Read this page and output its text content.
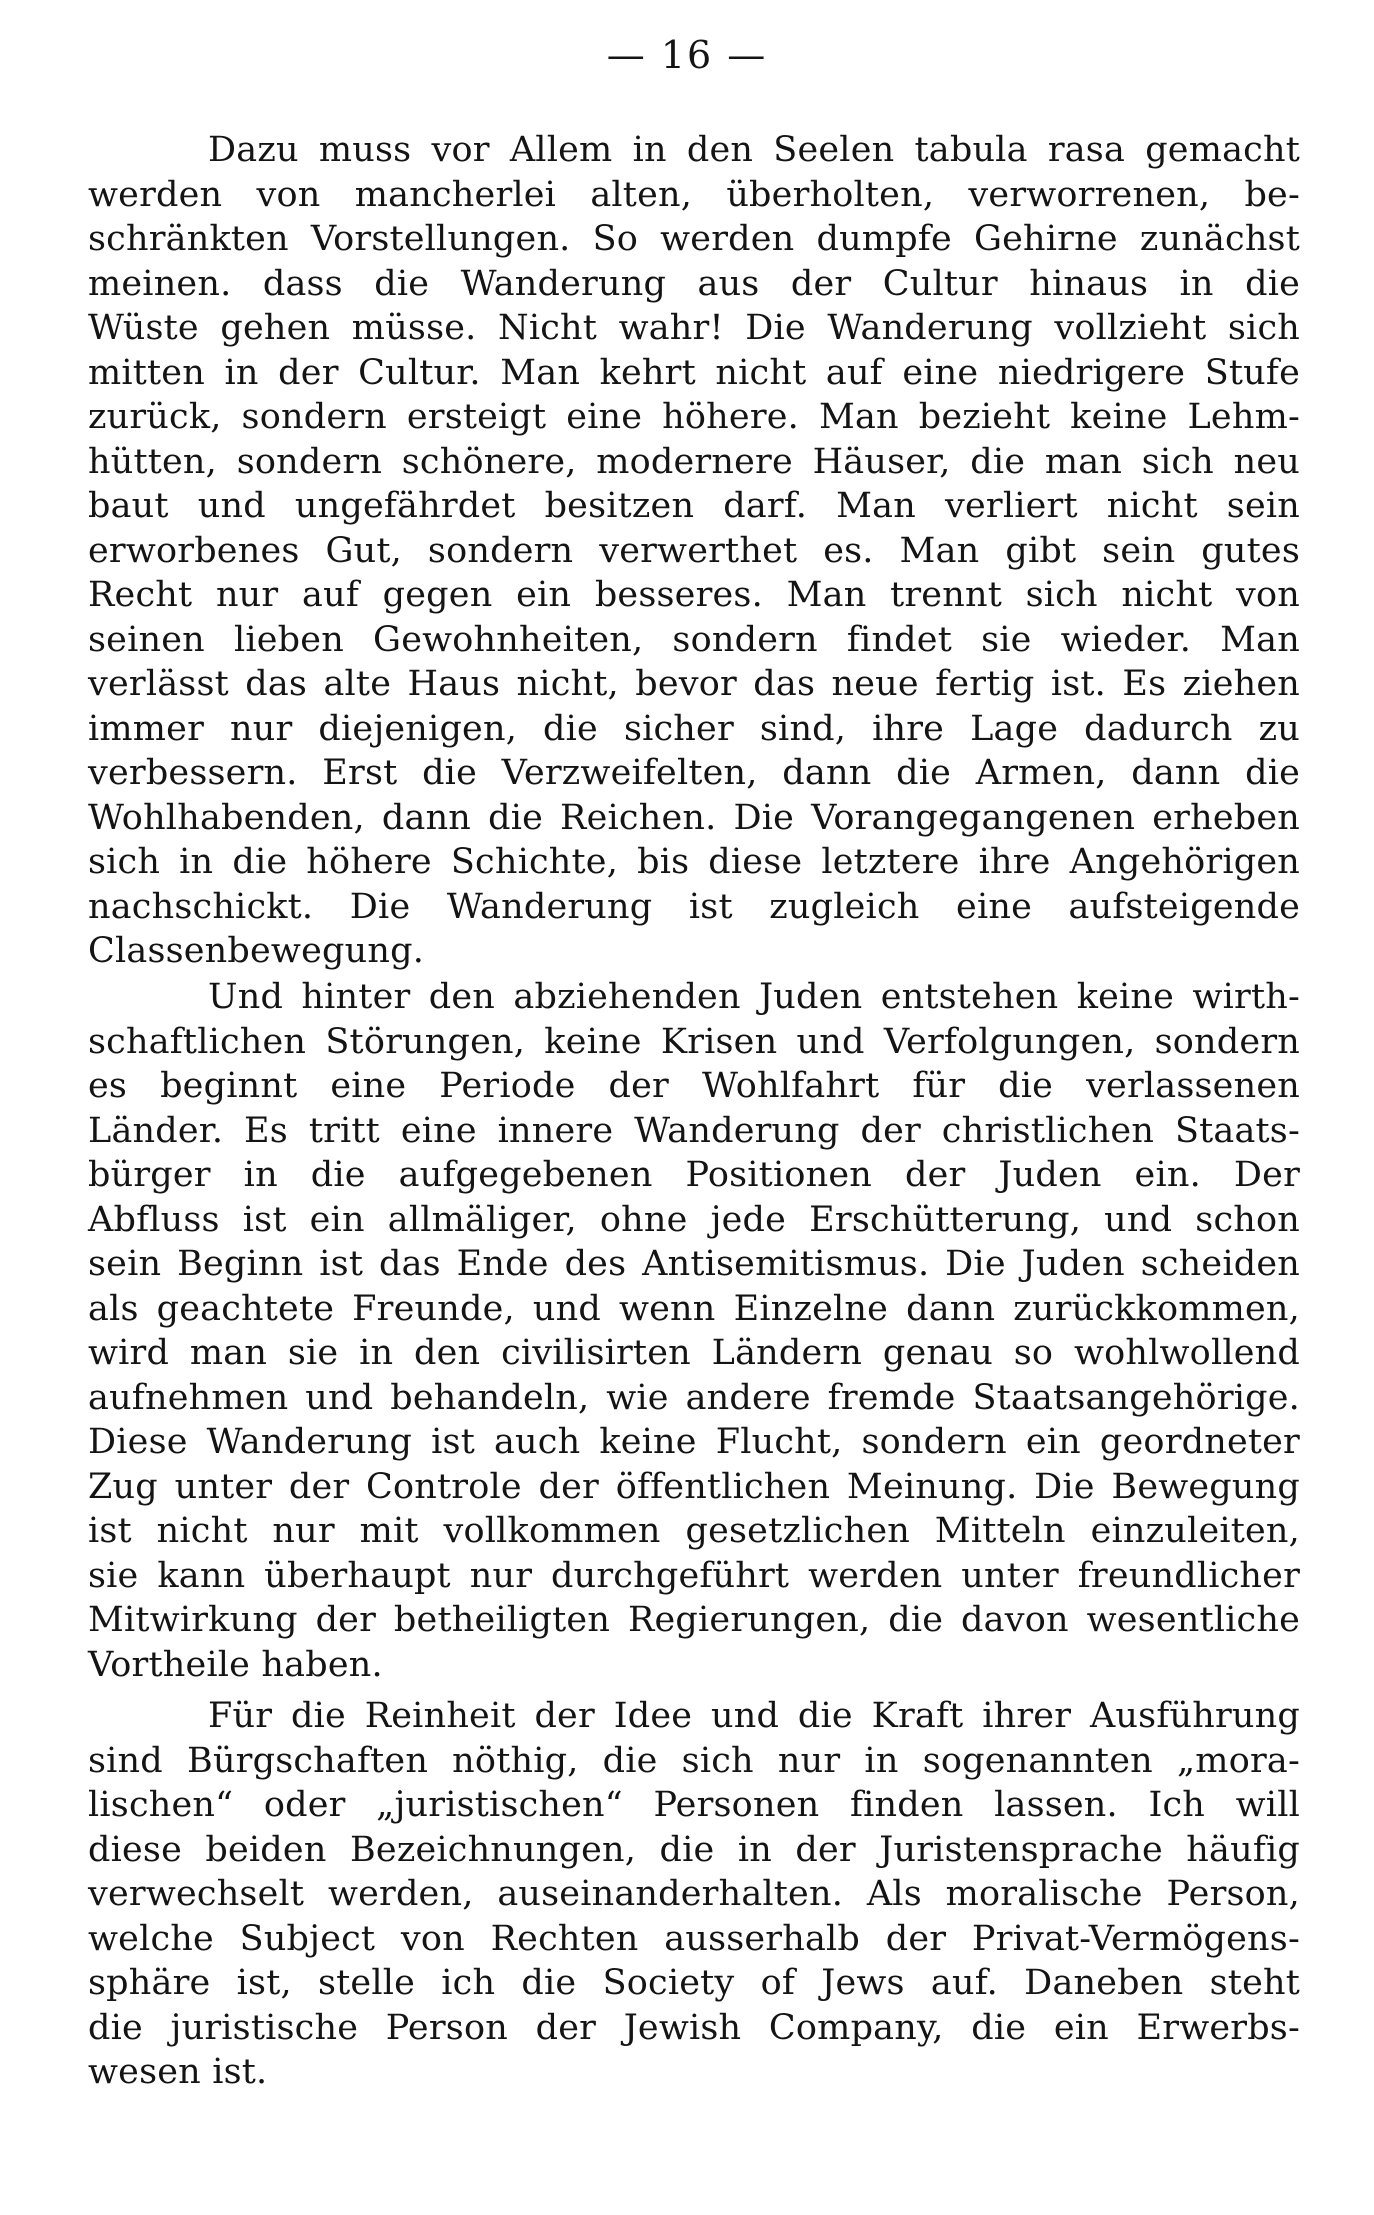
— 16 —
Dazu muss vor Allem in den Seelen tabula rasa gemacht
werden von mancherlei alten, überholten, verworrenen, be-
schränkten Vorstellungen. So werden dumpfe Gehirne zunächst
meinen. dass die Wanderung aus der Cultur hinaus in die
Wüste gehen müsse. Nicht wahr! Die Wanderung vollzieht sich
mitten in der Cultur. Man kehrt nicht auf eine niedrigere Stufe
zurück, sondern ersteigt eine höhere. Man bezieht keine Lehm-
hütten, sondern schönere, modernere Häuser, die man sich neu
baut und ungefährdet besitzen darf. Man verliert nicht sein
erworbenes Gut, sondern verwerthet es. Man gibt sein gutes
Recht nur auf gegen ein besseres. Man trennt sich nicht von
seinen lieben Gewohnheiten, sondern findet sie wieder. Man
verlässt das alte Haus nicht, bevor das neue fertig ist. Es ziehen
immer nur diejenigen, die sicher sind, ihre Lage dadurch zu
verbessern. Erst die Verzweifelten, dann die Armen, dann die
Wohlhabenden, dann die Reichen. Die Vorangegangenen erheben
sich in die höhere Schichte, bis diese letztere ihre Angehörigen
nachschickt. Die Wanderung ist zugleich eine aufsteigende
Classenbewegung.
Und hinter den abziehenden Juden entstehen keine wirth-
schaftlichen Störungen, keine Krisen und Verfolgungen, sondern
es beginnt eine Periode der Wohlfahrt für die verlassenen
Länder. Es tritt eine innere Wanderung der christlichen Staats-
bürger in die aufgegebenen Positionen der Juden ein. Der
Abfluss ist ein allmäliger, ohne jede Erschütterung, und schon
sein Beginn ist das Ende des Antisemitismus. Die Juden scheiden
als geachtete Freunde, und wenn Einzelne dann zurückkommen,
wird man sie in den civilisirten Ländern genau so wohlwollend
aufnehmen und behandeln, wie andere fremde Staatsangehörige.
Diese Wanderung ist auch keine Flucht, sondern ein geordneter
Zug unter der Controle der öffentlichen Meinung. Die Bewegung
ist nicht nur mit vollkommen gesetzlichen Mitteln einzuleiten,
sie kann überhaupt nur durchgeführt werden unter freundlicher
Mitwirkung der betheiligten Regierungen, die davon wesentliche
Vortheile haben.
Für die Reinheit der Idee und die Kraft ihrer Ausführung
sind Bürgschaften nöthig, die sich nur in sogenannten „mora-
lischen“ oder „juristischen“ Personen finden lassen. Ich will
diese beiden Bezeichnungen, die in der Juristensprache häufig
verwechselt werden, auseinanderhalten. Als moralische Person,
welche Subject von Rechten ausserhalb der Privat-Vermögens-
sphäre ist, stelle ich die Society of Jews auf. Daneben steht
die juristische Person der Jewish Company, die ein Erwerbs-
wesen ist.
